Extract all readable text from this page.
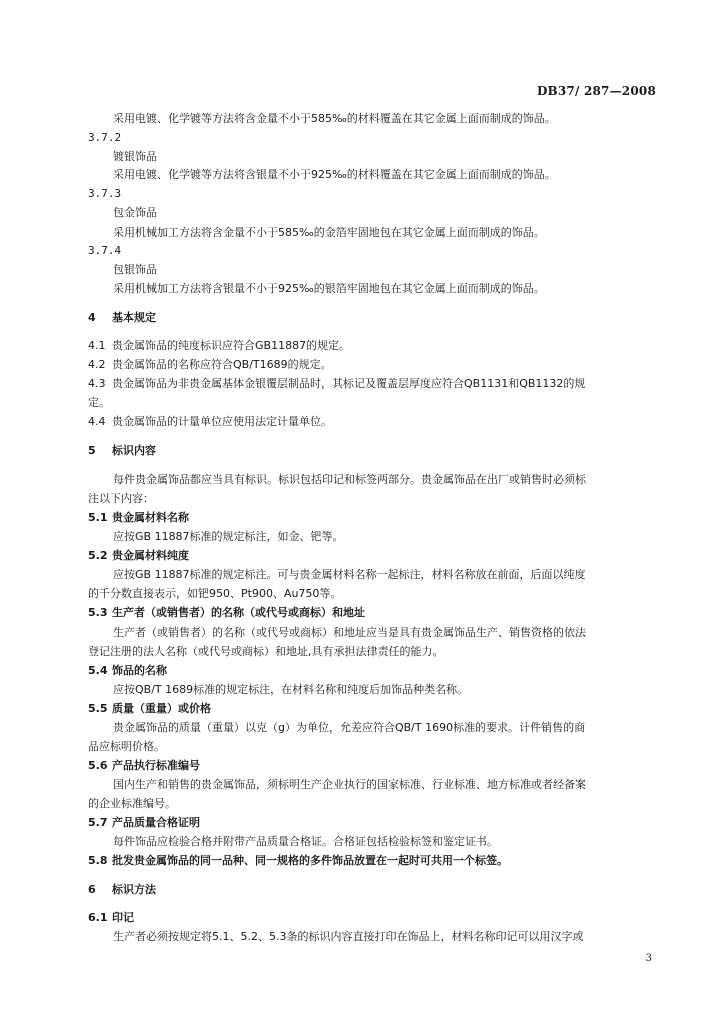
DB37/ 287—2008
采用电镀、化学镀等方法将含金量不小于585‰的材料覆盖在其它金属上面而制成的饰品。
3.7.2
镀银饰品
采用电镀、化学镀等方法将含银量不小于925‰的材料覆盖在其它金属上面而制成的饰品。
3.7.3
包金饰品
采用机械加工方法将含金量不小于585‰的金箔牢固地包在其它金属上面而制成的饰品。
3.7.4
包银饰品
采用机械加工方法将含银量不小于925‰的银箔牢固地包在其它金属上面而制成的饰品。
4 基本规定
4.1 贵金属饰品的纯度标识应符合GB11887的规定。
4.2 贵金属饰品的名称应符合QB/T1689的规定。
4.3 贵金属饰品为非贵金属基体金银覆层制品时，其标记及覆盖层厚度应符合QB1131和QB1132的规
定。
4.4 贵金属饰品的计量单位应使用法定计量单位。
5 标识内容
每件贵金属饰品都应当具有标识。标识包括印记和标签两部分。贵金属饰品在出厂或销售时必须标
注以下内容：
5.1 贵金属材料名称
应按GB 11887标准的规定标注，如金、钯等。
5.2 贵金属材料纯度
应按GB 11887标准的规定标注。可与贵金属材料名称一起标注，材料名称放在前面，后面以纯度
的千分数直接表示，如钯950、Pt900、Au750等。
5.3 生产者（或销售者）的名称（或代号或商标）和地址
生产者（或销售者）的名称（或代号或商标）和地址应当是具有贵金属饰品生产、销售资格的依法
登记注册的法人名称（或代号或商标）和地址,具有承担法律责任的能力。
5.4 饰品的名称
应按QB/T 1689标准的规定标注，在材料名称和纯度后加饰品种类名称。
5.5 质量（重量）或价格
贵金属饰品的质量（重量）以克（g）为单位，允差应符合QB/T 1690标准的要求。计件销售的商
品应标明价格。
5.6 产品执行标准编号
国内生产和销售的贵金属饰品，须标明生产企业执行的国家标准、行业标准、地方标准或者经备案
的企业标准编号。
5.7 产品质量合格证明
每件饰品应检验合格并附带产品质量合格证。合格证包括检验标签和鉴定证书。
5.8 批发贵金属饰品的同一品种、同一规格的多件饰品放置在一起时可共用一个标签。
6 标识方法
6.1 印记
生产者必须按规定将5.1、5.2、5.3条的标识内容直接打印在饰品上，材料名称印记可以用汉字或
3
